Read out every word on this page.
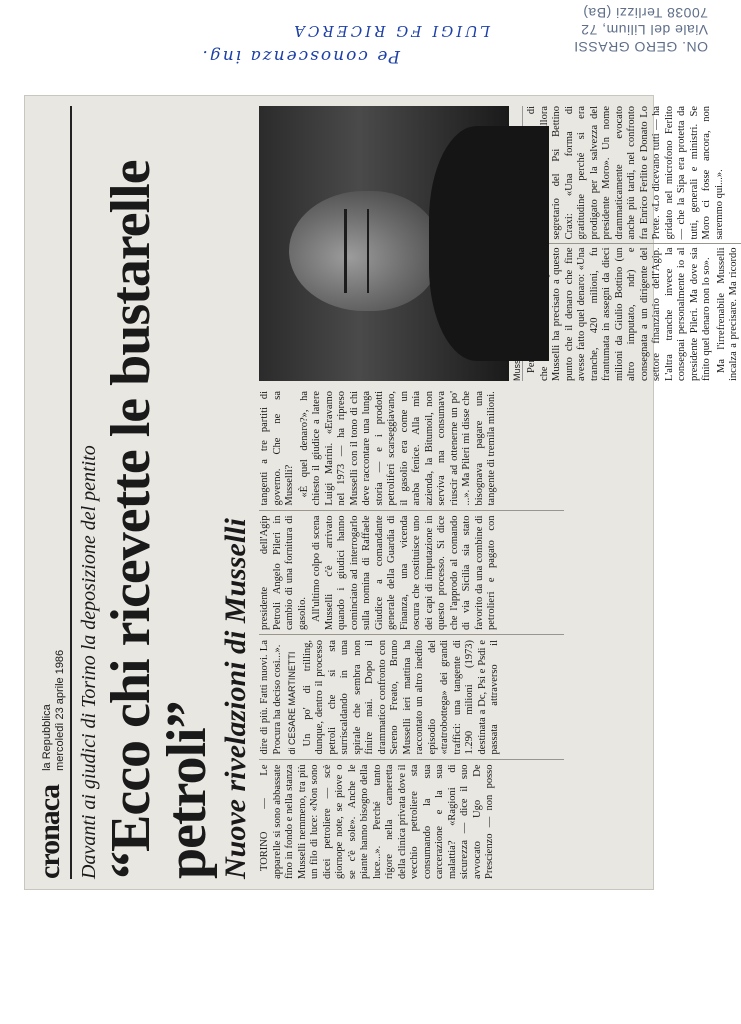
ON. GERO GRASSI
Viale del Lilium, 72
70038 Terlizzi (Ba)
Pe conoscenza ing.
LUIGI FG RICERCA
cronaca
la Repubblica mercoledì 23 aprile 1986 Davanti ai giudici di Torino la deposizione del pentito “Ecco chi ricevette le bustarelle petroli” Nuove rivelazioni di Musselli TORINO — Le apparelle si sono abbassate fino in fondo e nella stanza Musselli nemmeno, tra più un filo di luce: «Non sono dicei petroliere — scè giornope note, se piove o se c'è sole». Anche le piante hanno bisogno della luce...». Perché tanto rigore nella cameretta della clinica privata dove il vecchio petroliere sta consumando la sua carcerazione e la sua malattia? «Ragioni di sicurezza — dice il suo avvocato Ugo De Prescienzo — non posso dire di più. Fatti nuovi. La Procura ha deciso così...». di CESARE MARTINETTI Un po' di trilling, dunque, dentro il processo petroli che si sta surriscaldando in una spirale che sembra non finire mai. Dopo il drammatico confronto con Sereno Freato, Bruno Musselli ieri mattina ha raccontato un altro inedito episodio del «tratrobottega» dei grandi traffici: una tangente di 1.290 milioni (1973) destinata a Dc, Psi e Psdi e passata attraverso il presidente dell'Agip Petroli Angelo Pileri in cambio di una fornitura di gasolio. All'ultimo colpo di scena Musselli c'è arrivato quando i giudici hanno cominciato ad interrogarlo sulla nomina di Raffaele Giudice a comandante generale della Guardia di Finanza, una vicenda oscura che costituisce uno dei capi di imputazione in questo processo. Si dice che l'approdo al comando di via Sicilia sia stato favorito da una combine di petrolieri e pagato con tangenti a tre partiti di governo. Che ne sa Musselli? «È quel denaro?», ha chiesto il giudice a latere Luigi Marini. «Eravamo nel 1973 — ha ripreso Musselli con il tono di chi deve raccontare una lunga storia — e i prodotti petroliferi scarseggiavano, il gasolio era come un araba fenice. Alla mia azienda, la Bitumoil, non serviva ma consumava riuscir ad ottenerne un po' ...». Ma Pileri mi disse che bisognava pagare una tangente di tremila milioni.

che Musselli ha precisato a questo punto che il denaro che fine avesse fatto quel denaro: «Una tranche, 420 milioni, fu frantumata in assegni da dieci milioni da Giulio Bottino (un altro imputato, ndr) e consegnata a un dirigente del settore finanziario dell'Agip. L'altra tranche invece la consegnai personalmente io al presidente Pileri. Ma dove sia finito quel denaro non lo so».

Ma l'irrefrenabile Musselli incalza a precisare. Ma ricordo di all'allora segretario del Psi Bettino Craxi: «Una forma di gratitudine perché si era prodigato per la salvezza del presidente Moro». Un nome drammaticamente evocato anche più tardi, nel confronto fra Enrico Ferlito e Donato Lo Prete. «Lo dicevano tutti — ha gridato nel microfono Ferlito — che la Sipa era protetta da tutti, generali e ministri. Se Moro ci fosse ancora, non saremmo qui...».
